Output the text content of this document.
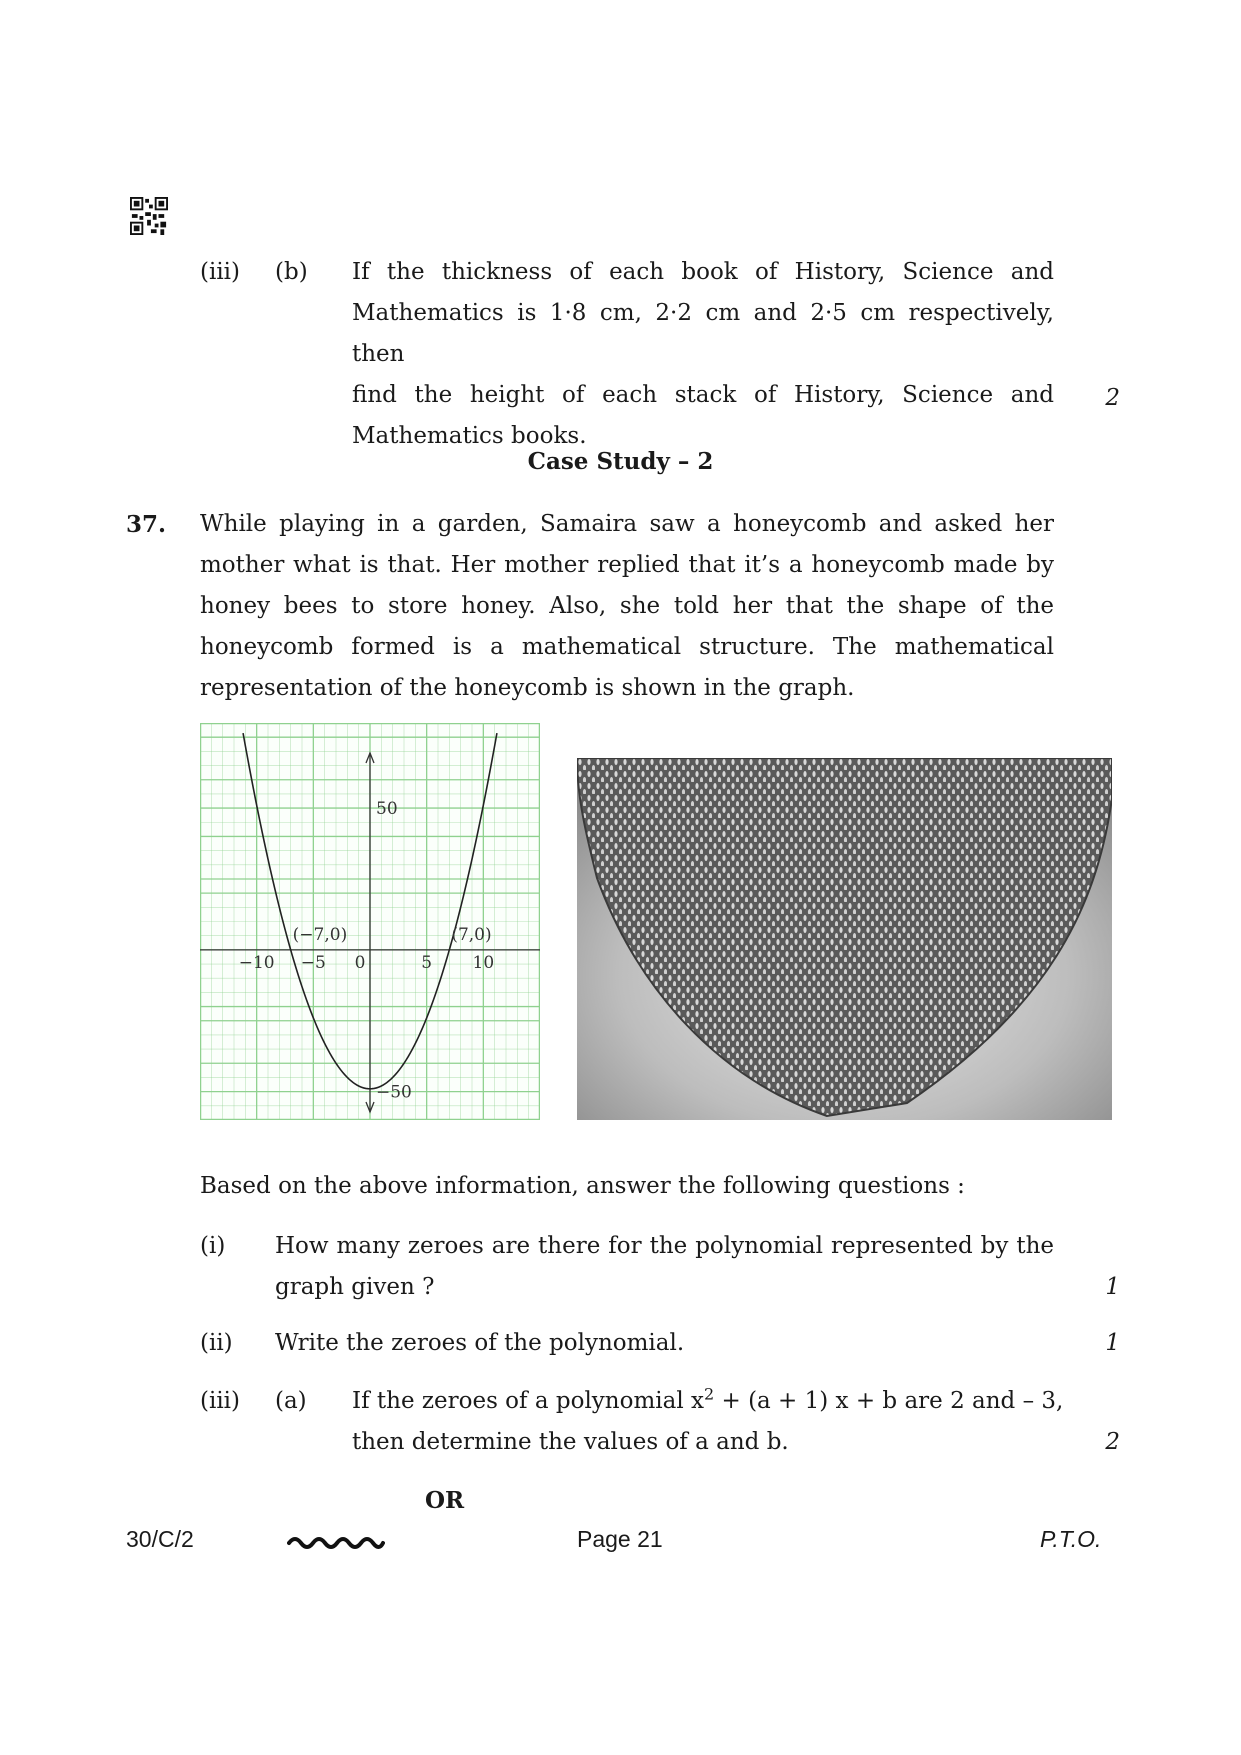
(iii) (b) If the thickness of each book of History, Science and
Mathematics is 1·8 cm, 2·2 cm and 2·5 cm respectively, then
find the height of each stack of History, Science and
Mathematics books.
2
Case Study – 2
37. While playing in a garden, Samaira saw a honeycomb and asked her
mother what is that. Her mother replied that it’s a honeycomb made by
honey bees to store honey. Also, she told her that the shape of the
honeycomb formed is a mathematical structure. The mathematical
representation of the honeycomb is shown in the graph.
−10 −5 0	5 10
50
−50
(−7,0)	(7,0)
Based on the above information, answer the following questions :
(i) How many zeroes are there for the polynomial represented by the
graph given ?	1
(ii) Write the zeroes of the polynomial.	1
(iii) (a) If the zeroes of a polynomial $x^2 + (a + 1) x + b$ are 2 and – 3,
then determine the values of a and b.	2
OR
30/C/2	Page 21	P.T.O.
